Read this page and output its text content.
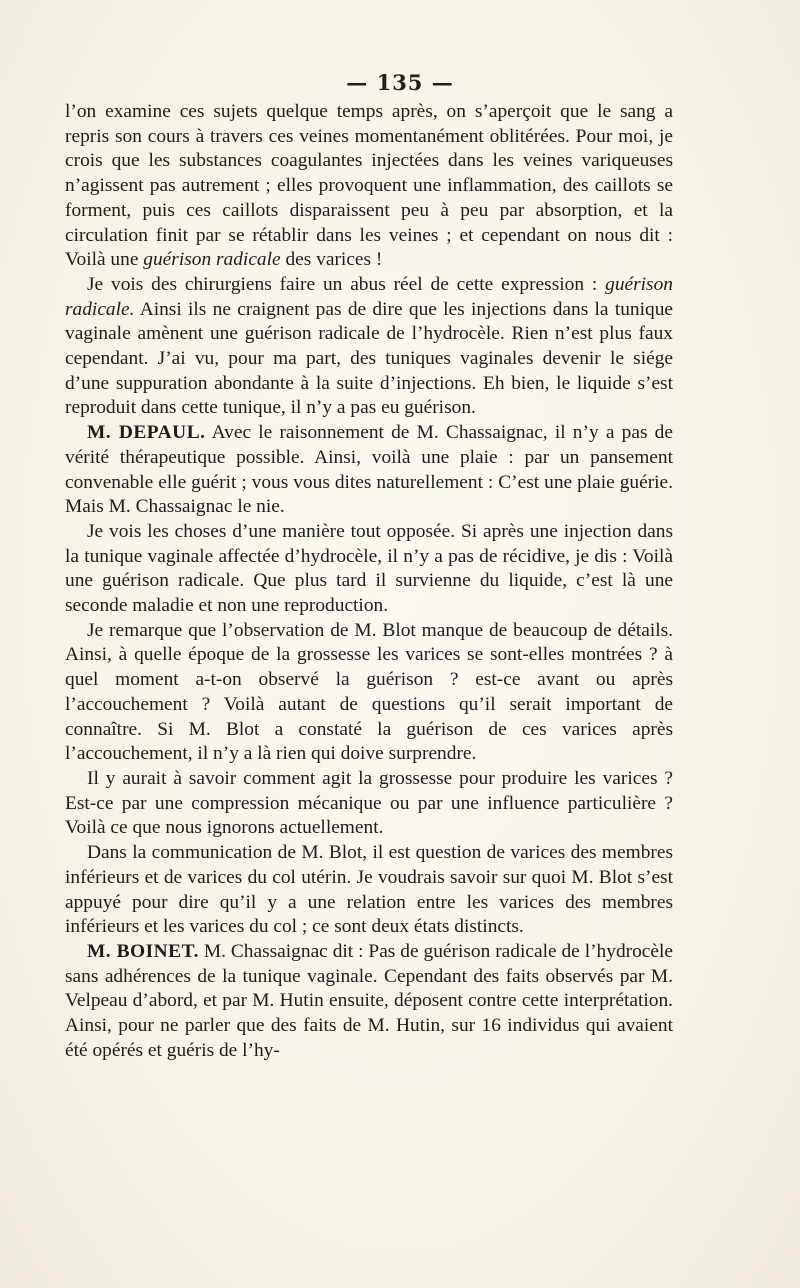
— 135 —

l’on examine ces sujets quelque temps après, on s’aperçoit que le sang a repris son cours à travers ces veines momentanément oblitérées. Pour moi, je crois que les substances coagulantes injectées dans les veines variqueuses n’agissent pas autrement ; elles provoquent une inflammation, des caillots se forment, puis ces caillots disparaissent peu à peu par absorption, et la circulation finit par se rétablir dans les veines ; et cependant on nous dit : Voilà une guérison radicale des varices !

Je vois des chirurgiens faire un abus réel de cette expression : guérison radicale. Ainsi ils ne craignent pas de dire que les injections dans la tunique vaginale amènent une guérison radicale de l’hydrocèle. Rien n’est plus faux cependant. J’ai vu, pour ma part, des tuniques vaginales devenir le siége d’une suppuration abondante à la suite d’injections. Eh bien, le liquide s’est reproduit dans cette tunique, il n’y a pas eu guérison.

M. DEPAUL. Avec le raisonnement de M. Chassaignac, il n’y a pas de vérité thérapeutique possible. Ainsi, voilà une plaie : par un pansement convenable elle guérit ; vous vous dites naturellement : C’est une plaie guérie. Mais M. Chassaignac le nie.

Je vois les choses d’une manière tout opposée. Si après une injection dans la tunique vaginale affectée d’hydrocèle, il n’y a pas de récidive, je dis : Voilà une guérison radicale. Que plus tard il survienne du liquide, c’est là une seconde maladie et non une reproduction.

Je remarque que l’observation de M. Blot manque de beaucoup de détails. Ainsi, à quelle époque de la grossesse les varices se sont-elles montrées ? à quel moment a-t-on observé la guérison ? est-ce avant ou après l’accouchement ? Voilà autant de questions qu’il serait important de connaître. Si M. Blot a constaté la guérison de ces varices après l’accouchement, il n’y a là rien qui doive surprendre.

Il y aurait à savoir comment agit la grossesse pour produire les varices ? Est-ce par une compression mécanique ou par une influence particulière ? Voilà ce que nous ignorons actuellement.

Dans la communication de M. Blot, il est question de varices des membres inférieurs et de varices du col utérin. Je voudrais savoir sur quoi M. Blot s’est appuyé pour dire qu’il y a une relation entre les varices des membres inférieurs et les varices du col ; ce sont deux états distincts.

M. BOINET. M. Chassaignac dit : Pas de guérison radicale de l’hydrocèle sans adhérences de la tunique vaginale. Cependant des faits observés par M. Velpeau d’abord, et par M. Hutin ensuite, déposent contre cette interprétation. Ainsi, pour ne parler que des faits de M. Hutin, sur 16 individus qui avaient été opérés et guéris de l’hy-
